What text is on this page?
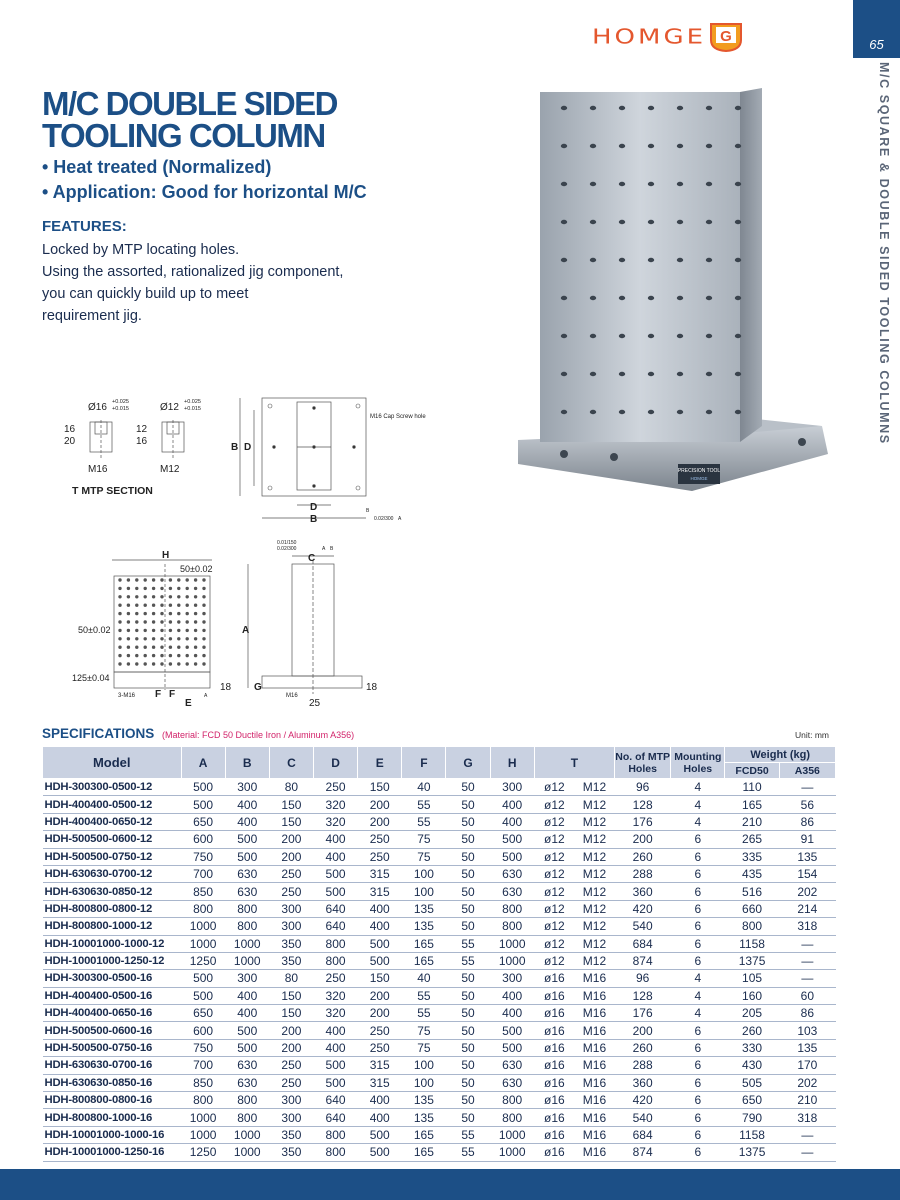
65
M/C SQUARE & DOUBLE SIDED TOOLING COLUMNS
HOMGE G
M/C DOUBLE SIDED
TOOLING COLUMN
• Heat treated (Normalized)
• Application: Good for horizontal M/C
FEATURES:

Locked by MTP locating holes.

Using the assorted, rationalized jig component,

you can quickly build up to meet

requirement jig.

PRECISION TOOL
HOMGE
Ø16 +0.025
+0.015	Ø12 +0.025
+0.015
16
20
12
16
M16	M12
T MTP SECTION
M16 Cap Screw hole
B D
D
B
B
0.02/300 A
H
50±0.02
50±0.02
125±0.04
3-M16 F F
E
A
18
0.01/150
0.02/300	A B
C
A
G
M16
25
18
SPECIFICATIONS (Material: FCD 50 Ductile Iron / Aluminum A356)	Unit: mm
Model	A	B	C	D	E	F	G	H	T		No. of MTP Holes	Mounting Holes	Weight (kg)	
													FCD50	A356
HDH-300300-0500-12	500	300	80	250	150	40	50	300	ø12	M12	96	4	110	—
HDH-400400-0500-12	500	400	150	320	200	55	50	400	ø12	M12	128	4	165	56
HDH-400400-0650-12	650	400	150	320	200	55	50	400	ø12	M12	176	4	210	86
HDH-500500-0600-12	600	500	200	400	250	75	50	500	ø12	M12	200	6	265	91
HDH-500500-0750-12	750	500	200	400	250	75	50	500	ø12	M12	260	6	335	135
HDH-630630-0700-12	700	630	250	500	315	100	50	630	ø12	M12	288	6	435	154
HDH-630630-0850-12	850	630	250	500	315	100	50	630	ø12	M12	360	6	516	202
HDH-800800-0800-12	800	800	300	640	400	135	50	800	ø12	M12	420	6	660	214
HDH-800800-1000-12	1000	800	300	640	400	135	50	800	ø12	M12	540	6	800	318
HDH-10001000-1000-12	1000	1000	350	800	500	165	55	1000	ø12	M12	684	6	1158	—
HDH-10001000-1250-12	1250	1000	350	800	500	165	55	1000	ø12	M12	874	6	1375	—
HDH-300300-0500-16	500	300	80	250	150	40	50	300	ø16	M16	96	4	105	—
HDH-400400-0500-16	500	400	150	320	200	55	50	400	ø16	M16	128	4	160	60
HDH-400400-0650-16	650	400	150	320	200	55	50	400	ø16	M16	176	4	205	86
HDH-500500-0600-16	600	500	200	400	250	75	50	500	ø16	M16	200	6	260	103
HDH-500500-0750-16	750	500	200	400	250	75	50	500	ø16	M16	260	6	330	135
HDH-630630-0700-16	700	630	250	500	315	100	50	630	ø16	M16	288	6	430	170
HDH-630630-0850-16	850	630	250	500	315	100	50	630	ø16	M16	360	6	505	202
HDH-800800-0800-16	800	800	300	640	400	135	50	800	ø16	M16	420	6	650	210
HDH-800800-1000-16	1000	800	300	640	400	135	50	800	ø16	M16	540	6	790	318
HDH-10001000-1000-16	1000	1000	350	800	500	165	55	1000	ø16	M16	684	6	1158	—
HDH-10001000-1250-16	1250	1000	350	800	500	165	55	1000	ø16	M16	874	6	1375	—
